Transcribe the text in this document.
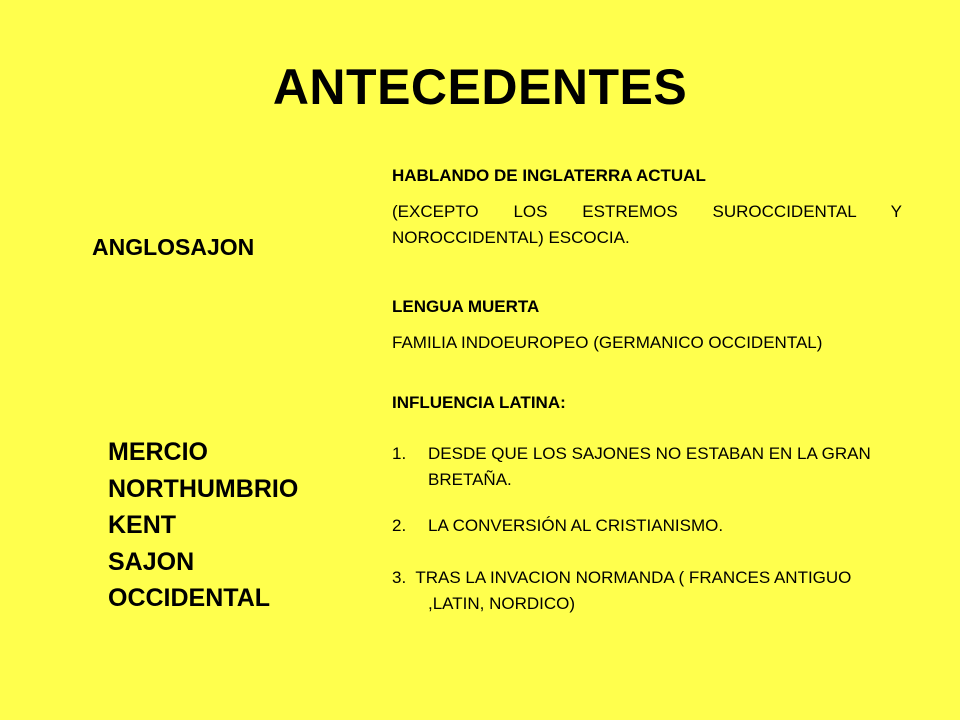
ANTECEDENTES
ANGLOSAJON
MERCIO
NORTHUMBRIO
KENT
SAJON
OCCIDENTAL

HABLANDO DE INGLATERRA ACTUAL

(EXCEPTO LOS ESTREMOS SUROCCIDENTAL Y NOROCCIDENTAL) ESCOCIA.

LENGUA MUERTA

FAMILIA INDOEUROPEO (GERMANICO OCCIDENTAL)

INFLUENCIA LATINA:

1. DESDE QUE LOS SAJONES NO ESTABAN EN LA GRAN BRETAÑA.
2. LA CONVERSIÓN AL CRISTIANISMO.

3.  TRAS LA INVACION NORMANDA ( FRANCES ANTIGUO ,LATIN, NORDICO)
